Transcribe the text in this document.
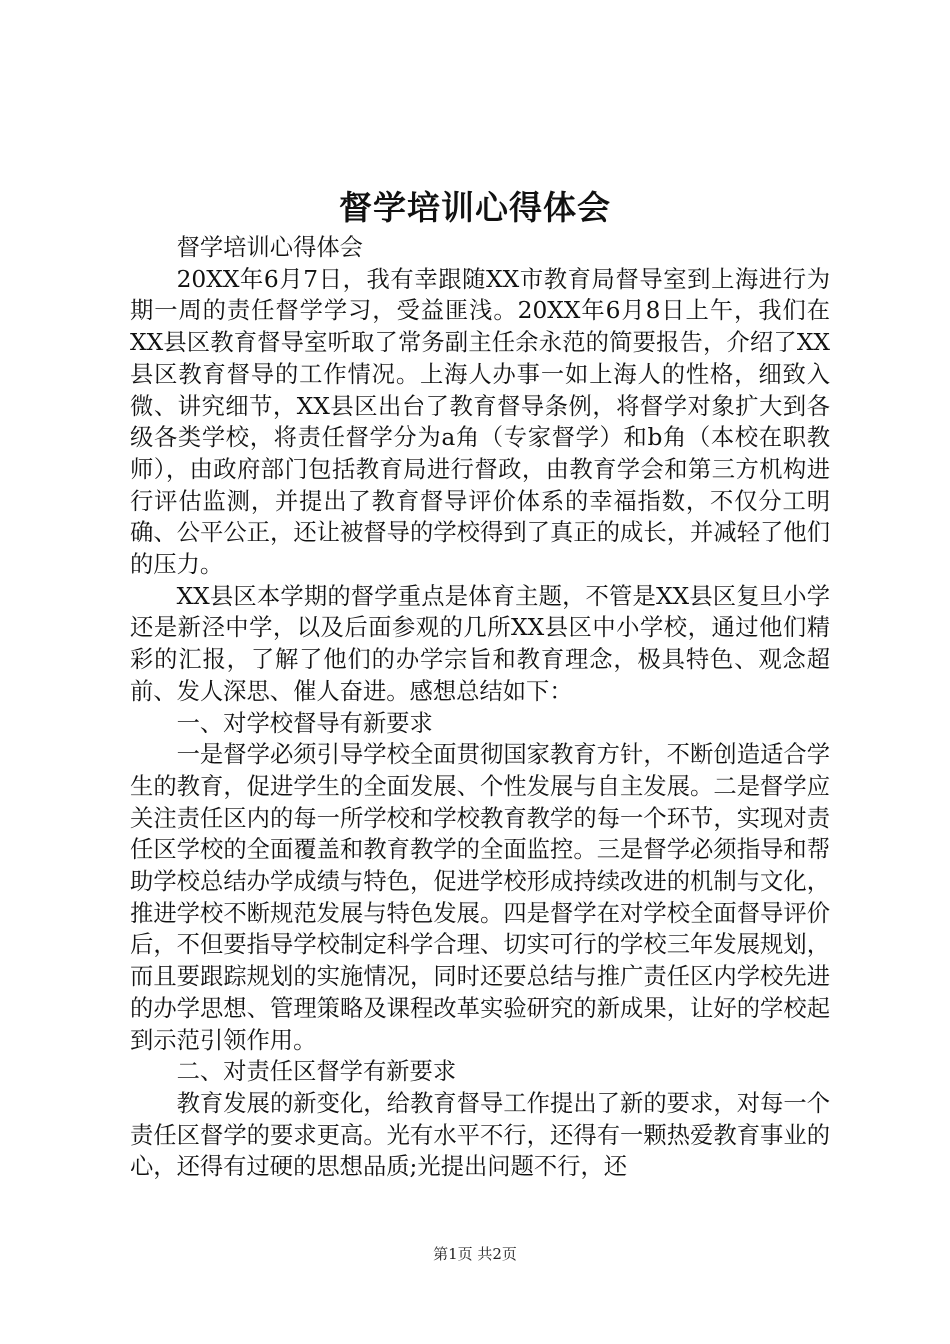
督学培训心得体会

督学培训心得体会

20XX年6月7日，我有幸跟随XX市教育局督导室到上海进行为期一周的责任督学学习，受益匪浅。20XX年6月8日上午，我们在XX县区教育督导室听取了常务副主任余永范的简要报告，介绍了XX县区教育督导的工作情况。上海人办事一如上海人的性格，细致入微、讲究细节，XX县区出台了教育督导条例，将督学对象扩大到各级各类学校，将责任督学分为a角（专家督学）和b角（本校在职教师），由政府部门包括教育局进行督政，由教育学会和第三方机构进行评估监测，并提出了教育督导评价体系的幸福指数，不仅分工明确、公平公正，还让被督导的学校得到了真正的成长，并减轻了他们的压力。

XX县区本学期的督学重点是体育主题，不管是XX县区复旦小学还是新泾中学，以及后面参观的几所XX县区中小学校，通过他们精彩的汇报，了解了他们的办学宗旨和教育理念，极具特色、观念超前、发人深思、催人奋进。感想总结如下：

一、对学校督导有新要求

一是督学必须引导学校全面贯彻国家教育方针，不断创造适合学生的教育，促进学生的全面发展、个性发展与自主发展。二是督学应关注责任区内的每一所学校和学校教育教学的每一个环节，实现对责任区学校的全面覆盖和教育教学的全面监控。三是督学必须指导和帮助学校总结办学成绩与特色，促进学校形成持续改进的机制与文化，推进学校不断规范发展与特色发展。四是督学在对学校全面督导评价后，不但要指导学校制定科学合理、切实可行的学校三年发展规划，而且要跟踪规划的实施情况，同时还要总结与推广责任区内学校先进的办学思想、管理策略及课程改革实验研究的新成果，让好的学校起到示范引领作用。

二、对责任区督学有新要求

教育发展的新变化，给教育督导工作提出了新的要求，对每一个责任区督学的要求更高。光有水平不行，还得有一颗热爱教育事业的心，还得有过硬的思想品质;光提出问题不行，还

第1页 共2页
